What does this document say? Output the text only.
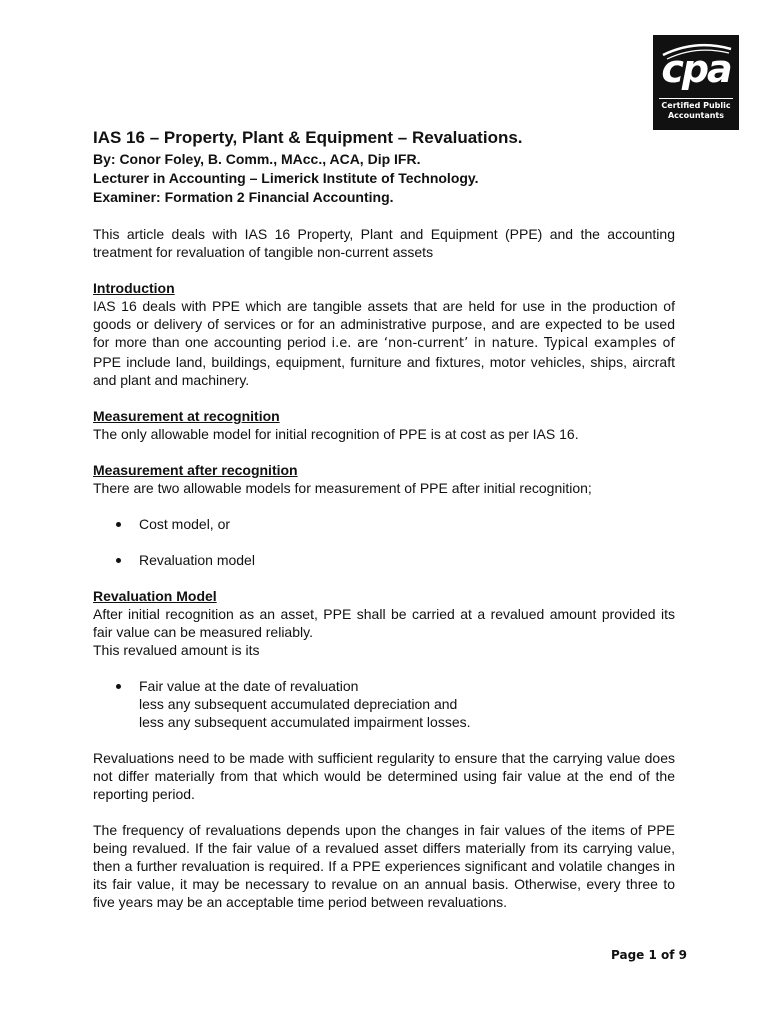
cpa
Certified Public
Accountants
IAS 16 – Property, Plant & Equipment – Revaluations.
By: Conor Foley, B. Comm., MAcc., ACA, Dip IFR.
Lecturer in Accounting – Limerick Institute of Technology.
Examiner: Formation 2 Financial Accounting.

This article deals with IAS 16 Property, Plant and Equipment (PPE) and the accounting treatment for revaluation of tangible non-current assets

Introduction

IAS 16 deals with PPE which are tangible assets that are held for use in the production of goods or delivery of services or for an administrative purpose, and are expected to be used for more than one accounting period i.e. are ‘non-current’ in nature. Typical examples of PPE include land, buildings, equipment, furniture and fixtures, motor vehicles, ships, aircraft and plant and machinery.

Measurement at recognition

The only allowable model for initial recognition of PPE is at cost as per IAS 16.

Measurement after recognition

There are two allowable models for measurement of PPE after initial recognition;

Cost model, or
Revaluation model
Revaluation Model

After initial recognition as an asset, PPE shall be carried at a revalued amount provided its fair value can be measured reliably.

This revalued amount is its

Fair value at the date of revaluation
less any subsequent accumulated depreciation and
less any subsequent accumulated impairment losses.

Revaluations need to be made with sufficient regularity to ensure that the carrying value does not differ materially from that which would be determined using fair value at the end of the reporting period.

The frequency of revaluations depends upon the changes in fair values of the items of PPE being revalued. If the fair value of a revalued asset differs materially from its carrying value, then a further revaluation is required. If a PPE experiences significant and volatile changes in its fair value, it may be necessary to revalue on an annual basis. Otherwise, every three to five years may be an acceptable time period between revaluations.

Page 1 of 9
